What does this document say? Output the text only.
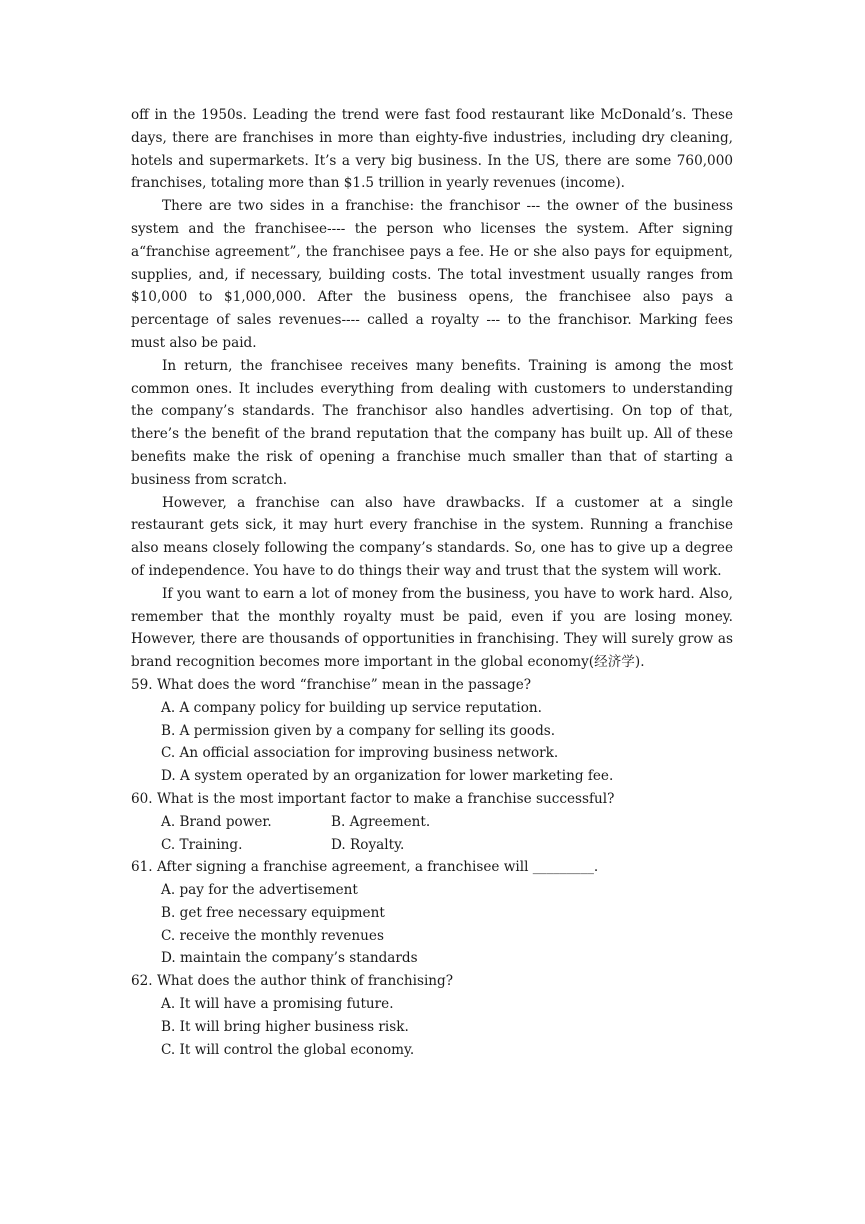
off in the 1950s. Leading the trend were fast food restaurant like McDonald’s. These days, there are franchises in more than eighty-five industries, including dry cleaning, hotels and supermarkets. It’s a very big business. In the US, there are some 760,000 franchises, totaling more than $1.5 trillion in yearly revenues (income).

There are two sides in a franchise: the franchisor --- the owner of the business system and the franchisee---- the person who licenses the system. After signing a“franchise agreement”, the franchisee pays a fee. He or she also pays for equipment, supplies, and, if necessary, building costs. The total investment usually ranges from $10,000 to $1,000,000. After the business opens, the franchisee also pays a percentage of sales revenues---- called a royalty --- to the franchisor. Marking fees must also be paid.

In return, the franchisee receives many benefits. Training is among the most common ones. It includes everything from dealing with customers to understanding the company’s standards. The franchisor also handles advertising. On top of that, there’s the benefit of the brand reputation that the company has built up. All of these benefits make the risk of opening a franchise much smaller than that of starting a business from scratch.

However, a franchise can also have drawbacks. If a customer at a single restaurant gets sick, it may hurt every franchise in the system. Running a franchise also means closely following the company’s standards. So, one has to give up a degree of independence. You have to do things their way and trust that the system will work.

If you want to earn a lot of money from the business, you have to work hard. Also, remember that the monthly royalty must be paid, even if you are losing money. However, there are thousands of opportunities in franchising. They will surely grow as brand recognition becomes more important in the global economy(经济学).

59. What does the word “franchise” mean in the passage?

A. A company policy for building up service reputation.

B. A permission given by a company for selling its goods.

C. An official association for improving business network.

D. A system operated by an organization for lower marketing fee.

60. What is the most important factor to make a franchise successful?

A. Brand power.	B. Agreement.
C. Training.	D. Royalty.

61. After signing a franchise agreement, a franchisee will _________.

A. pay for the advertisement

B. get free necessary equipment

C. receive the monthly revenues

D. maintain the company’s standards

62. What does the author think of franchising?

A. It will have a promising future.

B. It will bring higher business risk.

C. It will control the global economy.
